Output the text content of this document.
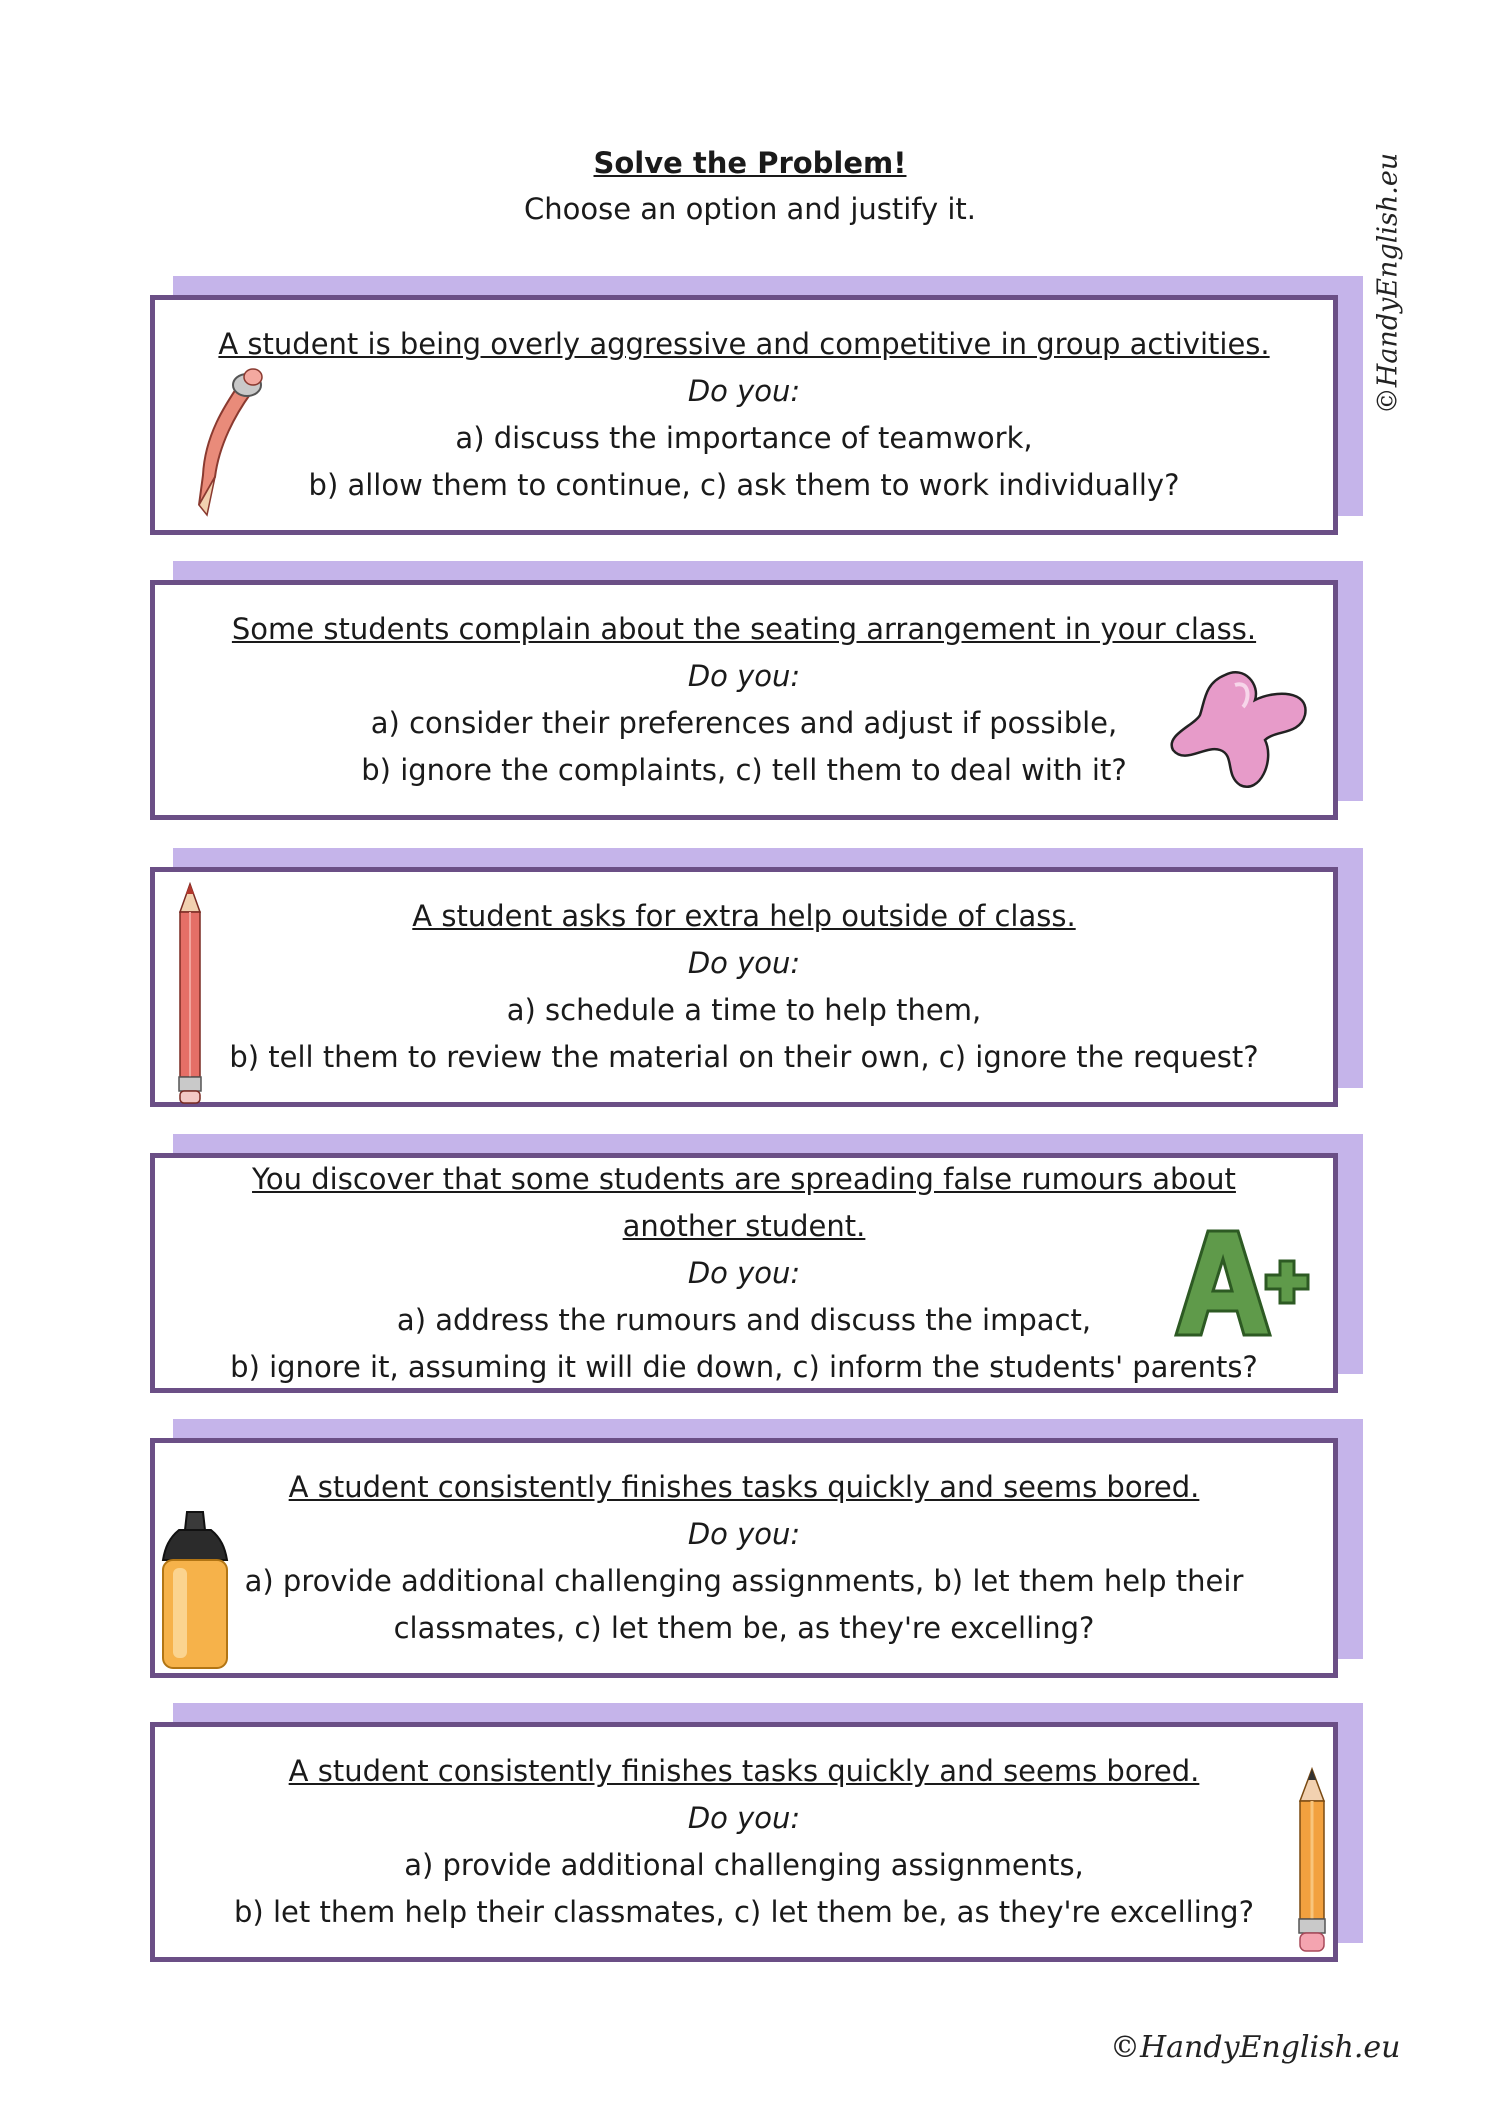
Solve the Problem!

Choose an option and justify it.	©HandyEnglish.eu

A student is being overly aggressive and competitive in group activities.

Do you:

a) discuss the importance of teamwork,

b) allow them to continue, c) ask them to work individually?

Some students complain about the seating arrangement in your class.

Do you:

a) consider their preferences and adjust if possible,

b) ignore the complaints, c) tell them to deal with it?

A student asks for extra help outside of class.

Do you:

a) schedule a time to help them,

b) tell them to review the material on their own, c) ignore the request?

You discover that some students are spreading false rumours about

another student.

Do you:

a) address the rumours and discuss the impact,

b) ignore it, assuming it will die down, c) inform the students' parents?

A student consistently finishes tasks quickly and seems bored.

Do you:

a) provide additional challenging assignments, b) let them help their

classmates, c) let them be, as they're excelling?

A student consistently finishes tasks quickly and seems bored.

Do you:

a) provide additional challenging assignments,

b) let them help their classmates, c) let them be, as they're excelling?

©HandyEnglish.eu
